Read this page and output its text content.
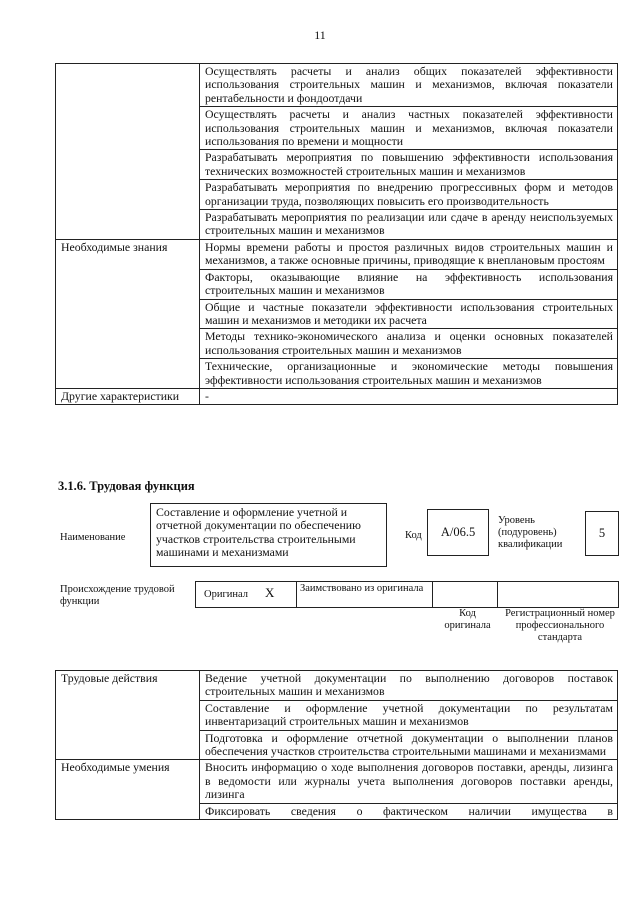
11
	Осуществлять расчеты и анализ общих показателей эффективности использования строительных машин и механизмов, включая показатели рентабельности и фондоотдачи
	Осуществлять расчеты и анализ частных показателей эффективности использования строительных машин и механизмов, включая показатели использования по времени и мощности
	Разрабатывать мероприятия по повышению эффективности использования технических возможностей строительных машин и механизмов
	Разрабатывать мероприятия по внедрению прогрессивных форм и методов организации труда, позволяющих повысить его производительность
	Разрабатывать мероприятия по реализации или сдаче в аренду неиспользуемых строительных машин и механизмов
Необходимые знания	Нормы времени работы и простоя различных видов строительных машин и механизмов, а также основные причины, приводящие к внеплановым простоям
	Факторы, оказывающие влияние на эффективность использования строительных машин и механизмов
	Общие и частные показатели эффективности использования строительных машин и механизмов и методики их расчета
	Методы технико-экономического анализа и оценки основных показателей использования строительных машин и механизмов
	Технические, организационные и экономические методы повышения эффективности использования строительных машин и механизмов
Другие характеристики	-
3.1.6. Трудовая функция
Наименование
Составление и оформление учетной и отчетной документации по обеспечению участков строительства строительными машинами и механизмами
Код	А/06.5
Уровень (подуровень) квалификации
5
Происхождение трудовой функции
Оригинал X Заимствовано из оригинала
Код оригинала
Регистрационный номер профессионального стандарта
Трудовые действия	Ведение учетной документации по выполнению договоров поставок строительных машин и механизмов
	Составление и оформление учетной документации по результатам инвентаризаций строительных машин и механизмов
	Подготовка и оформление отчетной документации о выполнении планов обеспечения участков строительства строительными машинами и механизмами
Необходимые умения	Вносить информацию о ходе выполнения договоров поставки, аренды, лизинга в ведомости или журналы учета выполнения договоров поставки аренды, лизинга
	Фиксировать сведения о фактическом наличии имущества в
